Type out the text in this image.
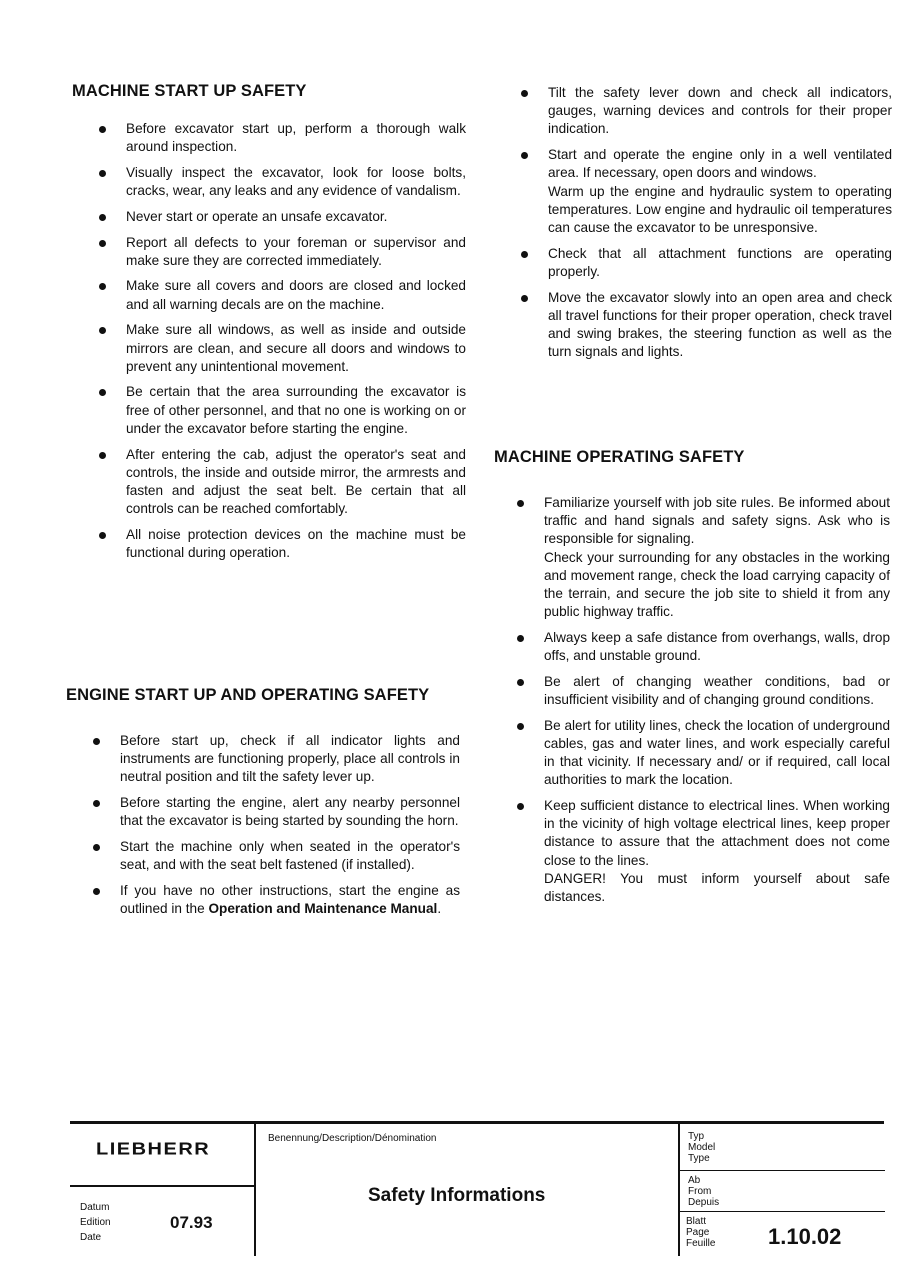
MACHINE START UP SAFETY
ENGINE START UP AND OPERATING SAFETY
MACHINE OPERATING SAFETY
Before excavator start up, perform a thorough walk around inspection.
Visually inspect the excavator, look for loose bolts, cracks, wear, any leaks and any evidence of vandalism.
Never start or operate an unsafe excavator.
Report all defects to your foreman or supervisor and make sure they are corrected immediately.
Make sure all covers and doors are closed and locked and all warning decals are on the machine.
Make sure all windows, as well as inside and outside mirrors are clean, and secure all doors and windows to prevent any unintentional movement.
Be certain that the area surrounding the excavator is free of other personnel, and that no one is working on or under the excavator before starting the engine.
After entering the cab, adjust the operator's seat and controls, the inside and outside mirror, the armrests and fasten and adjust the seat belt. Be certain that all controls can be reached comfortably.
All noise protection devices on the machine must be functional during operation.
Before start up, check if all indicator lights and instruments are functioning properly, place all controls in neutral position and tilt the safety lever up.
Before starting the engine, alert any nearby personnel that the excavator is being started by sounding the horn.
Start the machine only when seated in the operator's seat, and with the seat belt fastened (if installed).
If you have no other instructions, start the engine as outlined in the Operation and Maintenance Manual.
Tilt the safety lever down and check all indicators, gauges, warning devices and controls for their proper indication.
Start and operate the engine only in a well ventilated area. If necessary, open doors and windows.
Warm up the engine and hydraulic system to operating temperatures. Low engine and hydraulic oil temperatures can cause the excavator to be unresponsive.
Check that all attachment functions are operating properly.
Move the excavator slowly into an open area and check all travel functions for their proper operation, check travel and swing brakes, the steering function as well as the turn signals and lights.
Familiarize yourself with job site rules. Be informed about traffic and hand signals and safety signs. Ask who is responsible for signaling.
Check your surrounding for any obstacles in the working and movement range, check the load carrying capacity of the terrain, and secure the job site to shield it from any public highway traffic.
Always keep a safe distance from overhangs, walls, drop offs, and unstable ground.
Be alert of changing weather conditions, bad or insufficient visibility and of changing ground conditions.
Be alert for utility lines, check the location of underground cables, gas and water lines, and work especially careful in that vicinity. If necessary and/ or if required, call local authorities to mark the location.
Keep sufficient distance to electrical lines. When working in the vicinity of high voltage electrical lines, keep proper distance to assure that the attachment does not come close to the lines.
DANGER! You must inform yourself about safe distances.
LIEBHERR
Benennung/Description/Dénomination
Safety Informations
Datum
Edition
Date
07.93
Typ
Model
Type
Ab
From
Depuis
Blatt
Page
Feuille 1.10.02
